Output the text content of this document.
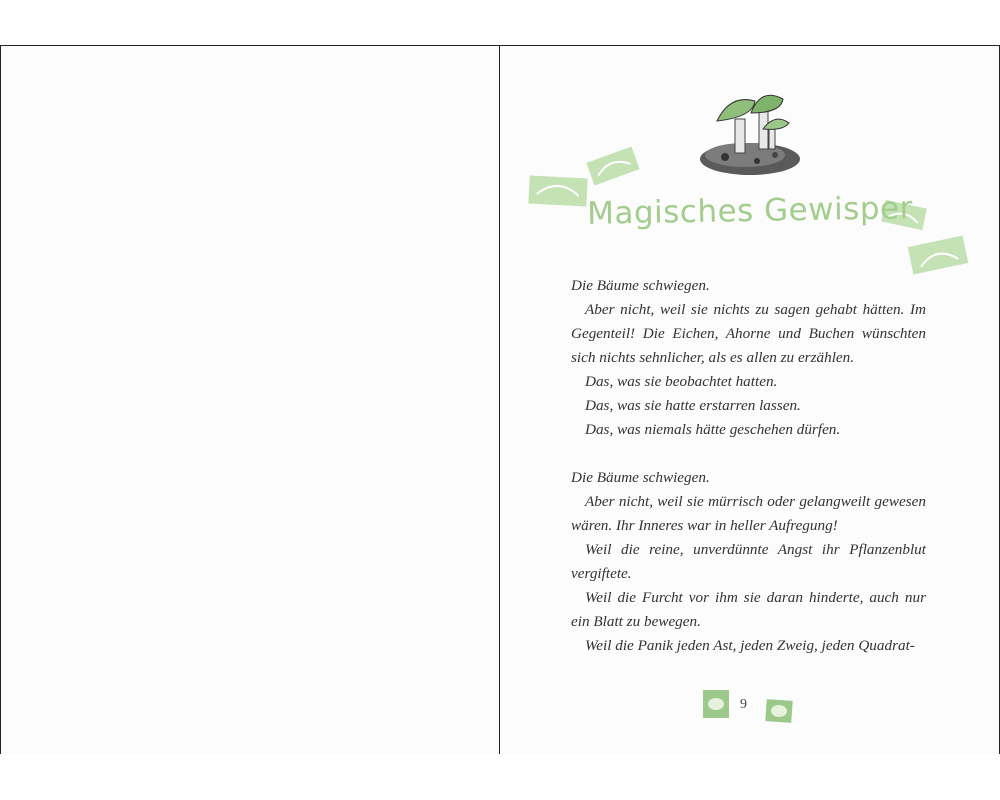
Magisches Gewisper

Die Bäume schwiegen.

Aber nicht, weil sie nichts zu sagen gehabt hätten. Im Gegenteil! Die Eichen, Ahorne und Buchen wünschten sich nichts sehnlicher, als es allen zu erzählen.

Das, was sie beobachtet hatten.

Das, was sie hatte erstarren lassen.

Das, was niemals hätte geschehen dürfen.

Die Bäume schwiegen.

Aber nicht, weil sie mürrisch oder gelangweilt gewesen wären. Ihr Inneres war in heller Aufregung!

Weil die reine, unverdünnte Angst ihr Pflanzenblut vergiftete.

Weil die Furcht vor ihm sie daran hinderte, auch nur ein Blatt zu bewegen.

Weil die Panik jeden Ast, jeden Zweig, jeden Quadrat-

9
